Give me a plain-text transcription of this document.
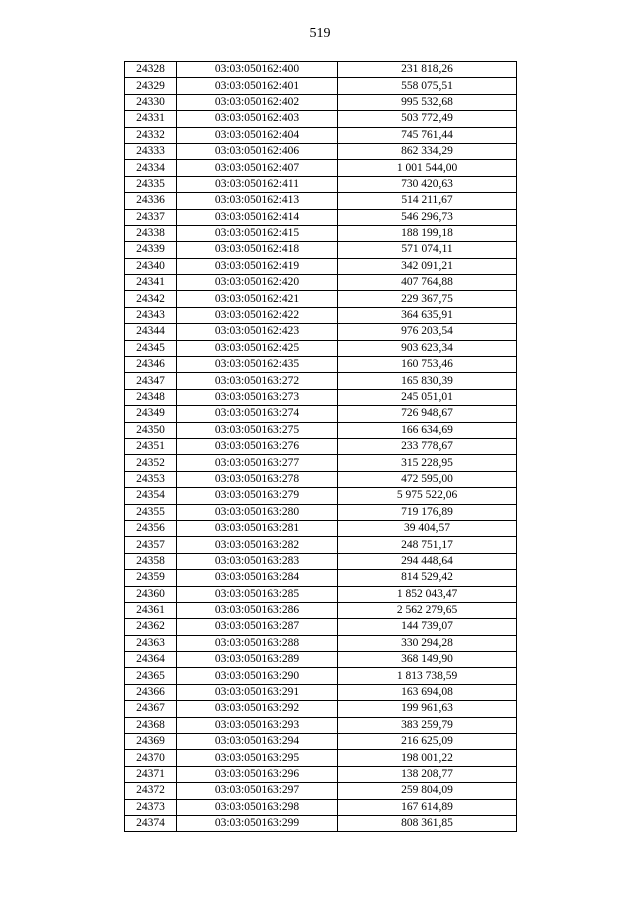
519
24328	03:03:050162:400	231 818,26
24329	03:03:050162:401	558 075,51
24330	03:03:050162:402	995 532,68
24331	03:03:050162:403	503 772,49
24332	03:03:050162:404	745 761,44
24333	03:03:050162:406	862 334,29
24334	03:03:050162:407	1 001 544,00
24335	03:03:050162:411	730 420,63
24336	03:03:050162:413	514 211,67
24337	03:03:050162:414	546 296,73
24338	03:03:050162:415	188 199,18
24339	03:03:050162:418	571 074,11
24340	03:03:050162:419	342 091,21
24341	03:03:050162:420	407 764,88
24342	03:03:050162:421	229 367,75
24343	03:03:050162:422	364 635,91
24344	03:03:050162:423	976 203,54
24345	03:03:050162:425	903 623,34
24346	03:03:050162:435	160 753,46
24347	03:03:050163:272	165 830,39
24348	03:03:050163:273	245 051,01
24349	03:03:050163:274	726 948,67
24350	03:03:050163:275	166 634,69
24351	03:03:050163:276	233 778,67
24352	03:03:050163:277	315 228,95
24353	03:03:050163:278	472 595,00
24354	03:03:050163:279	5 975 522,06
24355	03:03:050163:280	719 176,89
24356	03:03:050163:281	39 404,57
24357	03:03:050163:282	248 751,17
24358	03:03:050163:283	294 448,64
24359	03:03:050163:284	814 529,42
24360	03:03:050163:285	1 852 043,47
24361	03:03:050163:286	2 562 279,65
24362	03:03:050163:287	144 739,07
24363	03:03:050163:288	330 294,28
24364	03:03:050163:289	368 149,90
24365	03:03:050163:290	1 813 738,59
24366	03:03:050163:291	163 694,08
24367	03:03:050163:292	199 961,63
24368	03:03:050163:293	383 259,79
24369	03:03:050163:294	216 625,09
24370	03:03:050163:295	198 001,22
24371	03:03:050163:296	138 208,77
24372	03:03:050163:297	259 804,09
24373	03:03:050163:298	167 614,89
24374	03:03:050163:299	808 361,85
